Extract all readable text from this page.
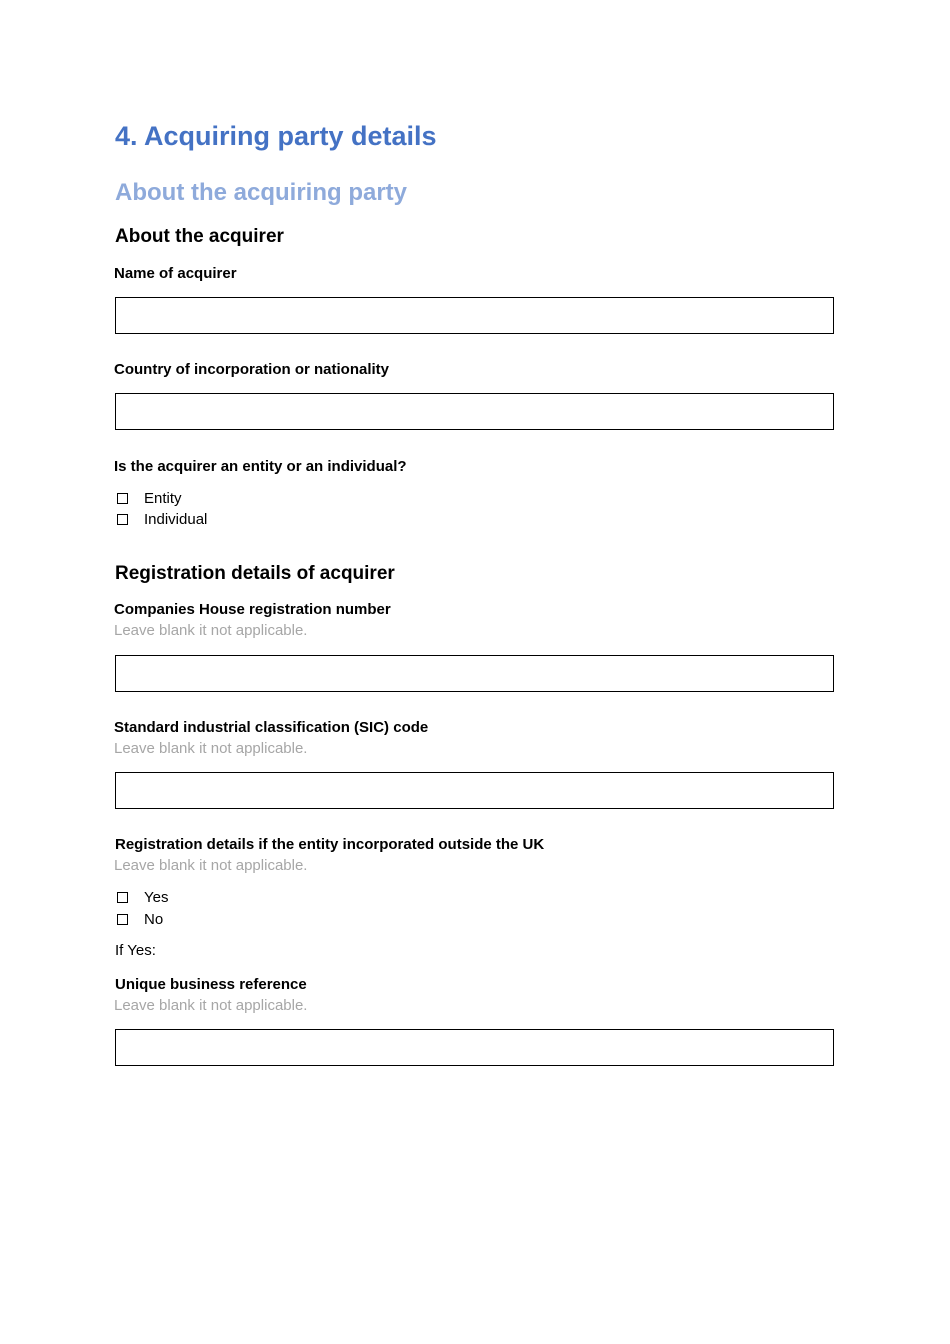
4. Acquiring party details
About the acquiring party
About the acquirer
Name of acquirer
Country of incorporation or nationality
Is the acquirer an entity or an individual?
Entity
Individual
Registration details of acquirer
Companies House registration number
Leave blank it not applicable.
Standard industrial classification (SIC) code
Leave blank it not applicable.
Registration details if the entity incorporated outside the UK
Leave blank it not applicable.
Yes
No
If Yes:
Unique business reference
Leave blank it not applicable.
